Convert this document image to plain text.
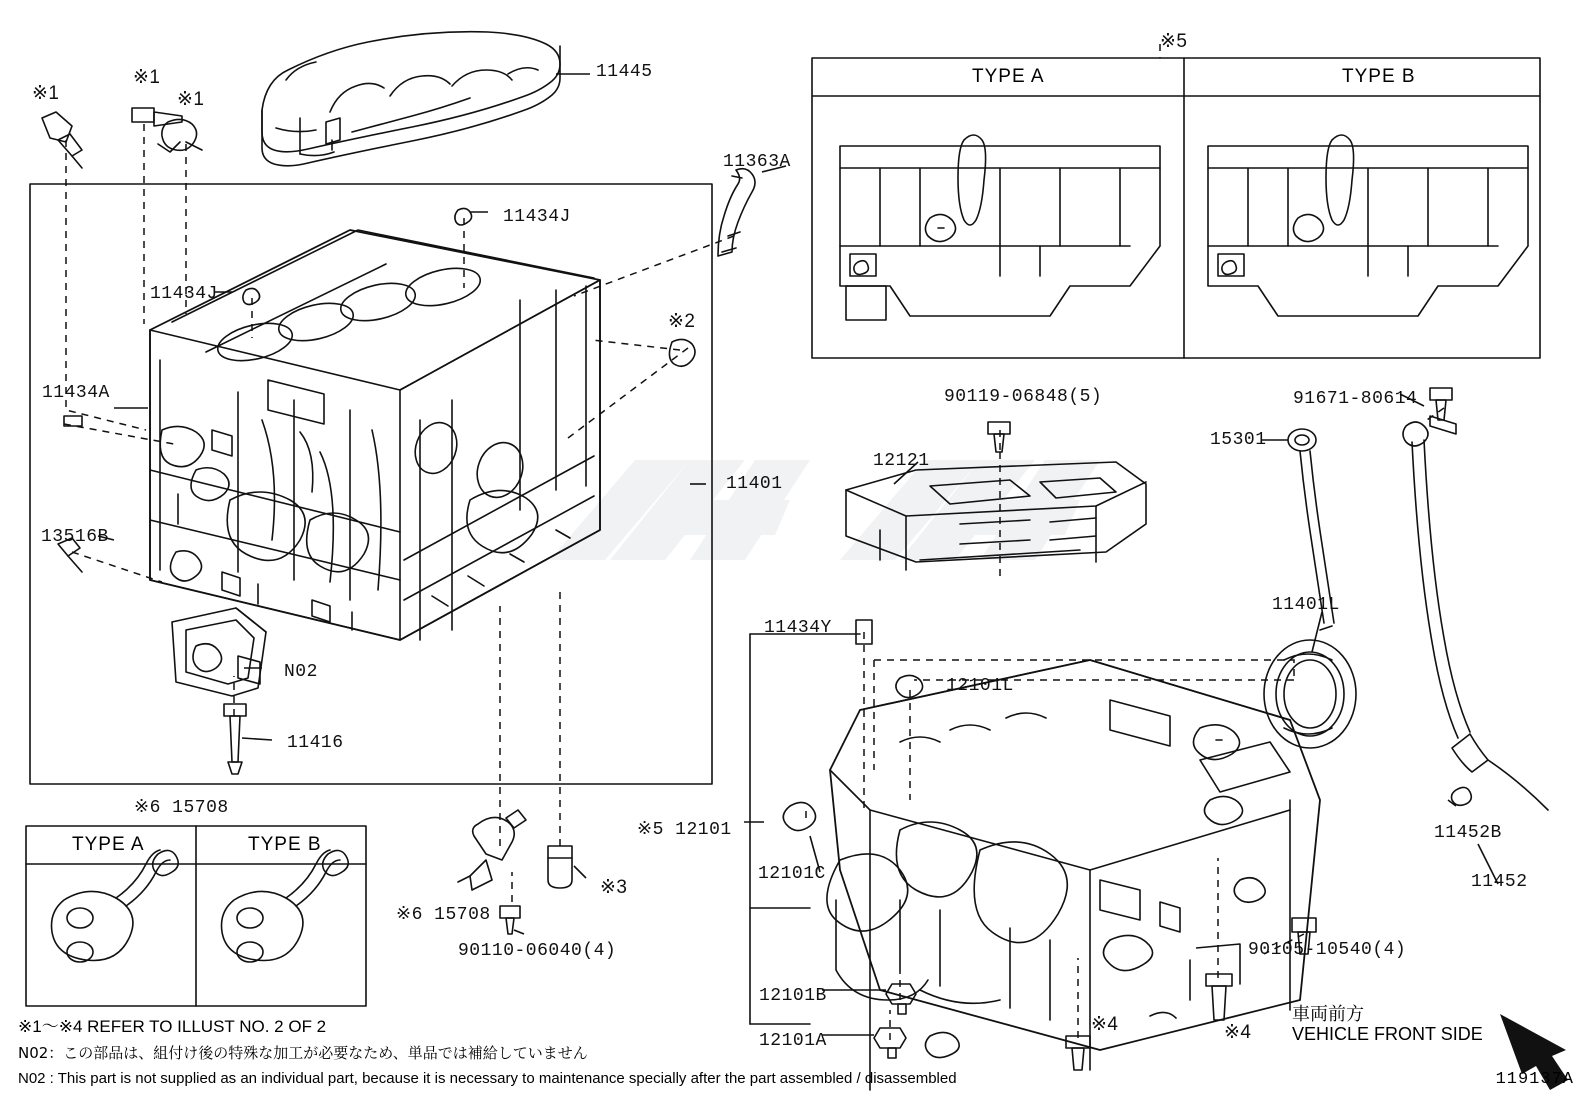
11445
※1
※1
※1
11363A
11434J
11434J
11434A
※2
11401
13516B
N02
11416
※6 15708
※6 15708
90110-06040(4)
※3
12121
90119-06848(5)	91671-80614
15301
11401L
11434Y
12101L
※5 12101
12101C
12101B
12101A
90105-10540(4)
※4	※4
11452B
11452
※5
TYPE A	TYPE B
TYPE A	TYPE B
※1～※4 REFER TO ILLUST NO. 2 OF 2
N02：この部品は、組付け後の特殊な加工が必要なため、単品では補給していません
N02 : This part is not supplied as an individual part, because it is necessary to maintenance specially after the part assembled / disassembled
車両前方
VEHICLE FRONT SIDE
119137A
